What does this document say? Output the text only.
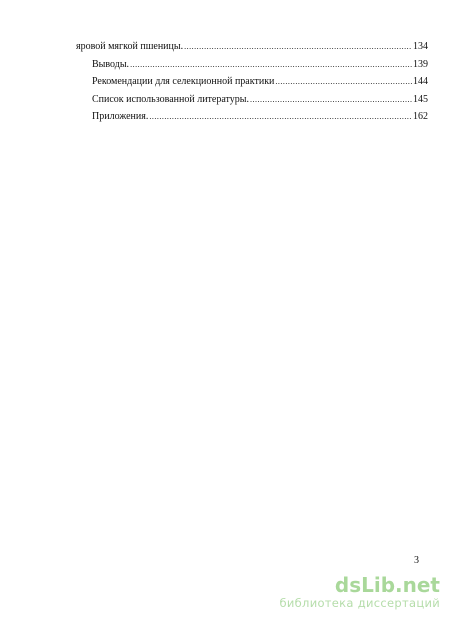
яровой мягкой пшеницы. .....	134
Выводы. .....	139
Рекомендации для селекционной практики .....	144
Список использованной литературы. .....	145
Приложения. .....	162
3
dsLib.net
библиотека диссертаций
